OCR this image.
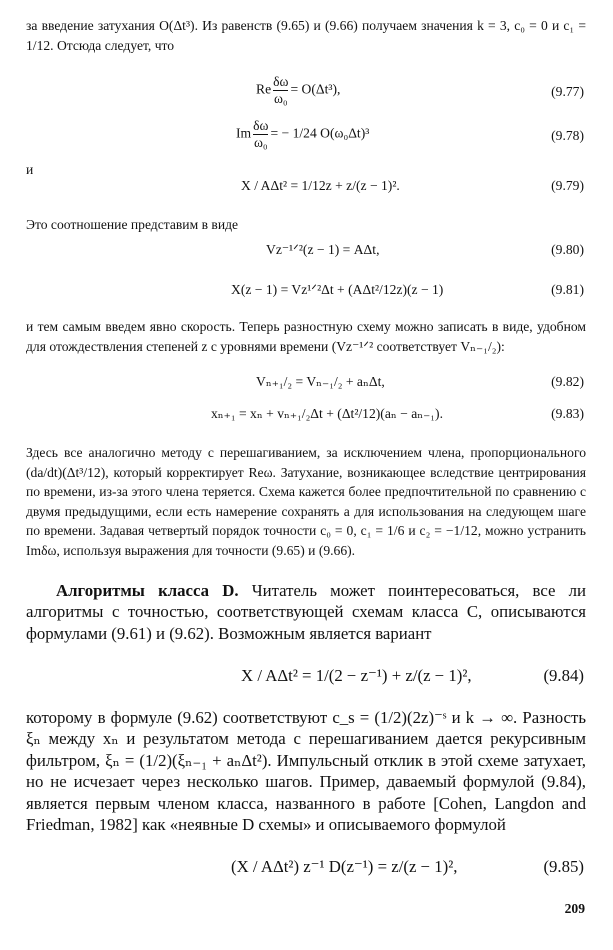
за введение затухания O(Δt³). Из равенств (9.65) и (9.66) получаем значения k = 3, c₀ = 0 и c₁ = 1/12. Отсюда следует, что

Re $\frac{\delta\omega}{\text{ω₀}} = O(\Delta t^3)$,	(9.77)
Im $\frac{\delta\omega}{\text{ω₀}}$ = − 1/24 O(ω₀Δt)³	(9.78)

и

X / AΔt² = 1/12z + z/(z − 1)².	(9.79)

Это соотношение представим в виде

Vz⁻¹ᐟ²(z − 1) = AΔt,	(9.80)
X(z − 1) = Vz¹ᐟ²Δt + (AΔt²/12z)(z − 1)	(9.81)

и тем самым введем явно скорость. Теперь разностную схему можно записать в виде, удобном для отождествления степеней z с уровнями времени (Vz⁻¹ᐟ² соответствует Vₙ₋₁/₂):

Vₙ₊₁/₂ = Vₙ₋₁/₂ + aₙΔt,	(9.82)
xₙ₊₁ = xₙ + vₙ₊₁/₂Δt + (Δt²/12)(aₙ − aₙ₋₁).	(9.83)

Здесь все аналогично методу с перешагиванием, за исключением члена, пропорционального (da/dt)(Δt³/12), который корректирует Reω. Затухание, возникающее вследствие центрирования по времени, из-за этого члена теряется. Схема кажется более предпочтительной по сравнению с двумя предыдущими, если есть намерение сохранять a для использования на следующем шаге по времени. Задавая четвертый порядок точности c₀ = 0, c₁ = 1/6 и c₂ = −1/12, можно устранить Imδω, используя выражения для точности (9.65) и (9.66).

Алгоритмы класса D. Читатель может поинтересоваться, все ли алгоритмы с точностью, соответствующей схемам класса C, описываются формулами (9.61) и (9.62). Возможным является вариант

X / AΔt² = 1/(2 − z⁻¹) + z/(z − 1)²,	(9.84)

которому в формуле (9.62) соответствуют c_s = (1/2)(2z)⁻ˢ и k → ∞. Разность ξₙ между xₙ и результатом метода с перешагиванием дается рекурсивным фильтром, ξₙ = (1/2)(ξₙ₋₁ + aₙΔt²). Импульсный отклик в этой схеме затухает, но не исчезает через несколько шагов. Пример, даваемый формулой (9.84), является первым членом класса, названного в работе [Cohen, Langdon and Friedman, 1982] как «неявные D схемы» и описываемого формулой

(X / AΔt²) z⁻¹ D(z⁻¹) = z/(z − 1)²,	(9.85)
209
